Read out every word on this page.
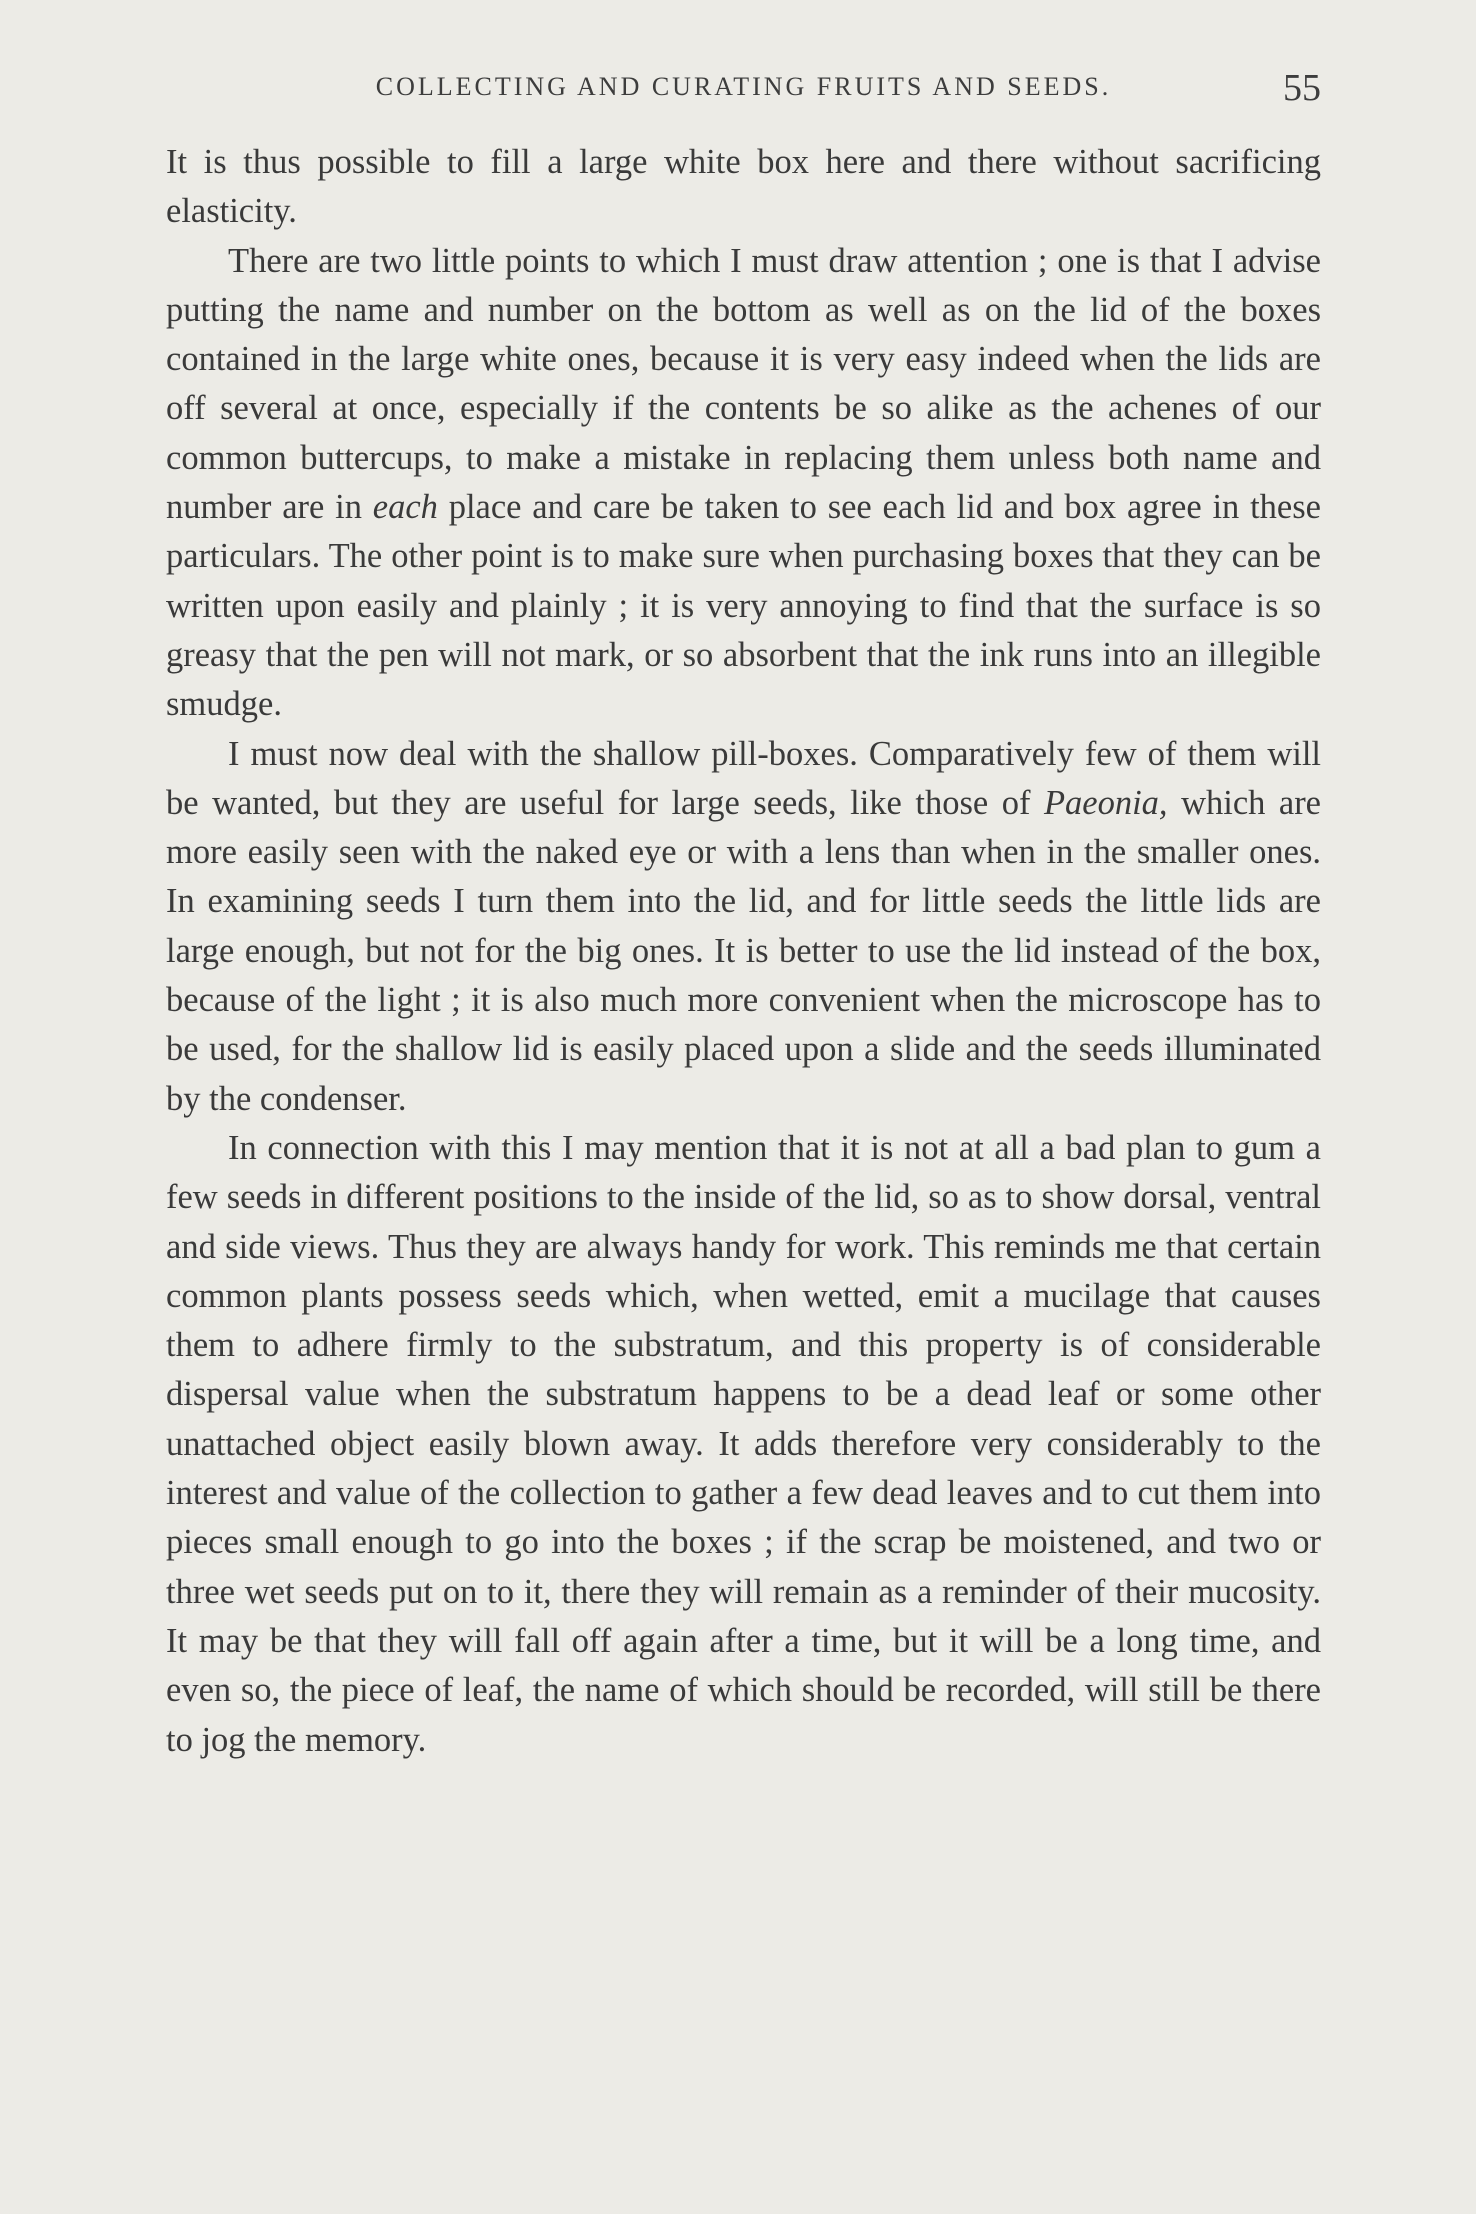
COLLECTING AND CURATING FRUITS AND SEEDS.	55

It is thus possible to fill a large white box here and there without sacrificing elasticity.

There are two little points to which I must draw attention ; one is that I advise putting the name and number on the bottom as well as on the lid of the boxes contained in the large white ones, because it is very easy indeed when the lids are off several at once, especially if the contents be so alike as the achenes of our common buttercups, to make a mistake in replacing them unless both name and number are in each place and care be taken to see each lid and box agree in these particulars. The other point is to make sure when purchasing boxes that they can be written upon easily and plainly ; it is very annoying to find that the surface is so greasy that the pen will not mark, or so absorbent that the ink runs into an illegible smudge.

I must now deal with the shallow pill-boxes. Comparatively few of them will be wanted, but they are useful for large seeds, like those of Paeonia, which are more easily seen with the naked eye or with a lens than when in the smaller ones. In examining seeds I turn them into the lid, and for little seeds the little lids are large enough, but not for the big ones. It is better to use the lid instead of the box, because of the light ; it is also much more convenient when the microscope has to be used, for the shallow lid is easily placed upon a slide and the seeds illuminated by the condenser.

In connection with this I may mention that it is not at all a bad plan to gum a few seeds in different positions to the inside of the lid, so as to show dorsal, ventral and side views. Thus they are always handy for work. This reminds me that certain common plants possess seeds which, when wetted, emit a mucilage that causes them to adhere firmly to the substratum, and this property is of considerable dispersal value when the substratum happens to be a dead leaf or some other unattached object easily blown away. It adds therefore very considerably to the interest and value of the collection to gather a few dead leaves and to cut them into pieces small enough to go into the boxes ; if the scrap be moistened, and two or three wet seeds put on to it, there they will remain as a reminder of their mucosity. It may be that they will fall off again after a time, but it will be a long time, and even so, the piece of leaf, the name of which should be recorded, will still be there to jog the memory.
